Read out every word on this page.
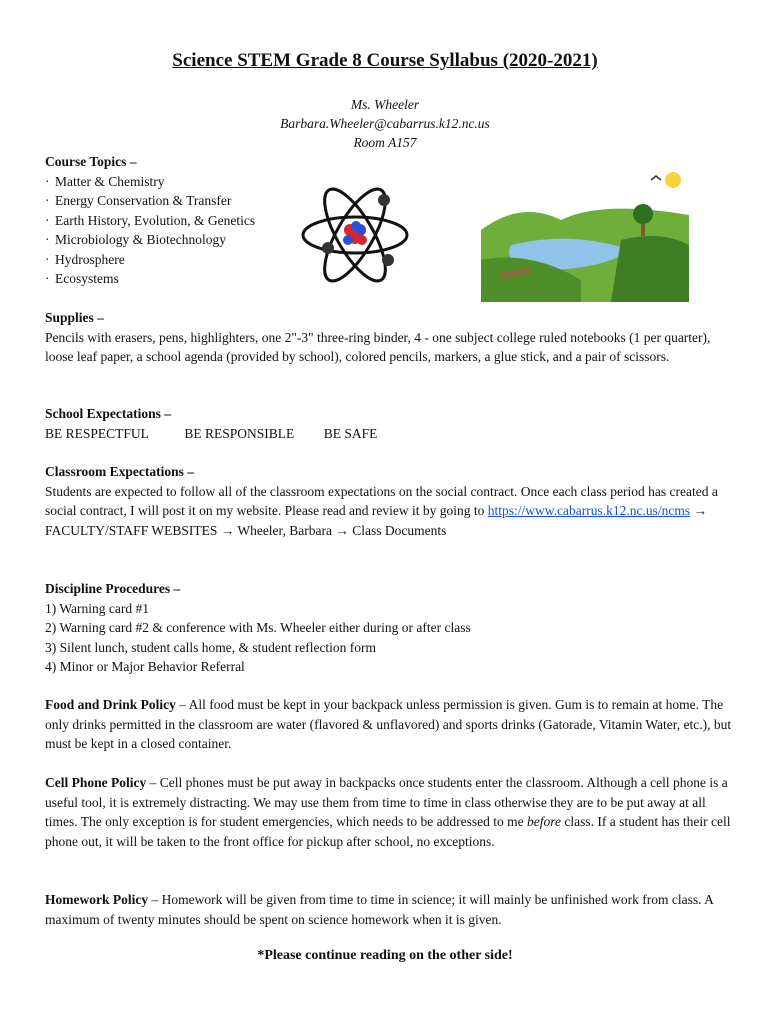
Science STEM Grade 8 Course Syllabus (2020-2021)
Ms. Wheeler
Barbara.Wheeler@cabarrus.k12.nc.us
Room A157
Course Topics –
· Matter & Chemistry
· Energy Conservation & Transfer
· Earth History, Evolution, & Genetics
· Microbiology & Biotechnology
· Hydrosphere
· Ecosystems
Supplies –
Pencils with erasers, pens, highlighters, one 2"-3" three-ring binder, 4 - one subject college ruled notebooks (1 per quarter), loose leaf paper, a school agenda (provided by school), colored pencils, markers, a glue stick, and a pair of scissors.
School Expectations –
BE RESPECTFUL	BE RESPONSIBLE BE SAFE
Classroom Expectations –
Students are expected to follow all of the classroom expectations on the social contract. Once each class period has created a social contract, I will post it on my website. Please read and review it by going to https://www.cabarrus.k12.nc.us/ncms → FACULTY/STAFF WEBSITES → Wheeler, Barbara → Class Documents
Discipline Procedures –
1) Warning card #1
2) Warning card #2 & conference with Ms. Wheeler either during or after class
3) Silent lunch, student calls home, & student reflection form
4) Minor or Major Behavior Referral
Food and Drink Policy – All food must be kept in your backpack unless permission is given. Gum is to remain at home. The only drinks permitted in the classroom are water (flavored & unflavored) and sports drinks (Gatorade, Vitamin Water, etc.), but must be kept in a closed container.
Cell Phone Policy – Cell phones must be put away in backpacks once students enter the classroom. Although a cell phone is a useful tool, it is extremely distracting. We may use them from time to time in class otherwise they are to be put away at all times. The only exception is for student emergencies, which needs to be addressed to me before class. If a student has their cell phone out, it will be taken to the front office for pickup after school, no exceptions.
Homework Policy – Homework will be given from time to time in science; it will mainly be unfinished work from class. A maximum of twenty minutes should be spent on science homework when it is given.
*Please continue reading on the other side!
